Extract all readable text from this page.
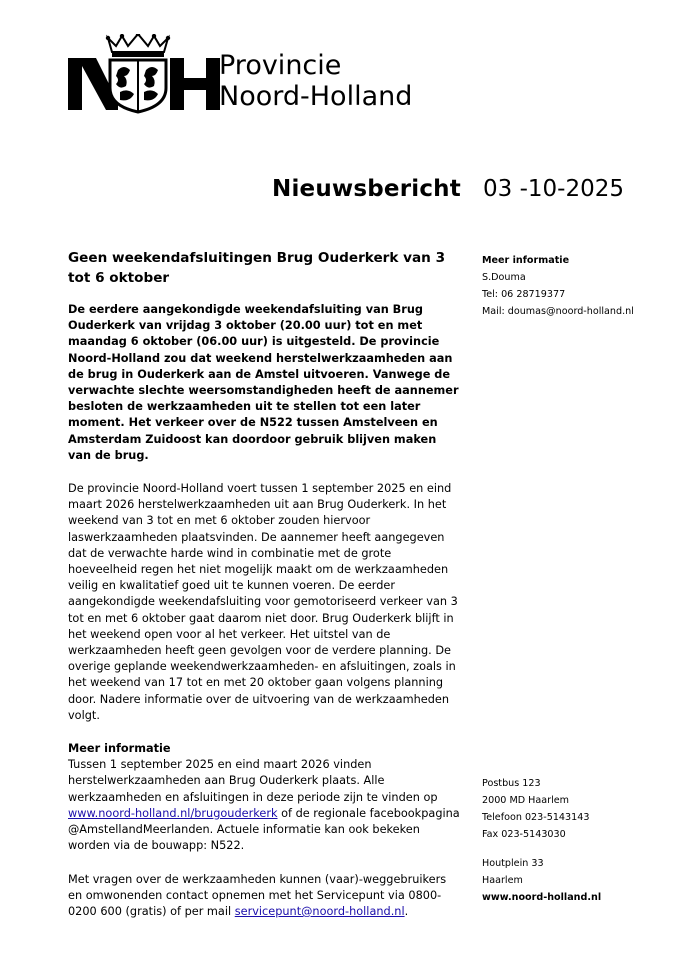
Provincie
Noord-Holland
Nieuwsbericht 03 -10-2025
Geen weekendafsluitingen Brug Ouderkerk van 3 tot 6 oktober
De eerdere aangekondigde weekendafsluiting van Brug Ouderkerk van vrijdag 3 oktober (20.00 uur) tot en met maandag 6 oktober (06.00 uur) is uitgesteld. De provincie Noord-Holland zou dat weekend herstelwerkzaamheden aan de brug in Ouderkerk aan de Amstel uitvoeren. Vanwege de verwachte slechte weersomstandigheden heeft de aannemer besloten de werkzaamheden uit te stellen tot een later moment. Het verkeer over de N522 tussen Amstelveen en Amsterdam Zuidoost kan doordoor gebruik blijven maken van de brug.
De provincie Noord-Holland voert tussen 1 september 2025 en eind maart 2026 herstelwerkzaamheden uit aan Brug Ouderkerk. In het weekend van 3 tot en met 6 oktober zouden hiervoor laswerkzaamheden plaatsvinden. De aannemer heeft aangegeven dat de verwachte harde wind in combinatie met de grote hoeveelheid regen het niet mogelijk maakt om de werkzaamheden veilig en kwalitatief goed uit te kunnen voeren. De eerder aangekondigde weekendafsluiting voor gemotoriseerd verkeer van 3 tot en met 6 oktober gaat daarom niet door. Brug Ouderkerk blijft in het weekend open voor al het verkeer. Het uitstel van de werkzaamheden heeft geen gevolgen voor de verdere planning. De overige geplande weekendwerkzaamheden- en afsluitingen, zoals in het weekend van 17 tot en met 20 oktober gaan volgens planning door. Nadere informatie over de uitvoering van de werkzaamheden volgt.
Meer informatie
Tussen 1 september 2025 en eind maart 2026 vinden herstelwerkzaamheden aan Brug Ouderkerk plaats. Alle werkzaamheden en afsluitingen in deze periode zijn te vinden op www.noord-holland.nl/brugouderkerk of de regionale facebookpagina @AmstellandMeerlanden. Actuele informatie kan ook bekeken worden via de bouwapp: N522.
Met vragen over de werkzaamheden kunnen (vaar)-weggebruikers en omwonenden contact opnemen met het Servicepunt via 0800-0200 600 (gratis) of per mail servicepunt@noord-holland.nl.
Meer informatie
S.Douma
Tel: 06 28719377
Mail: doumas@noord-holland.nl
Postbus 123
2000 MD Haarlem
Telefoon 023-5143143
Fax 023-5143030
Houtplein 33
Haarlem
www.noord-holland.nl
